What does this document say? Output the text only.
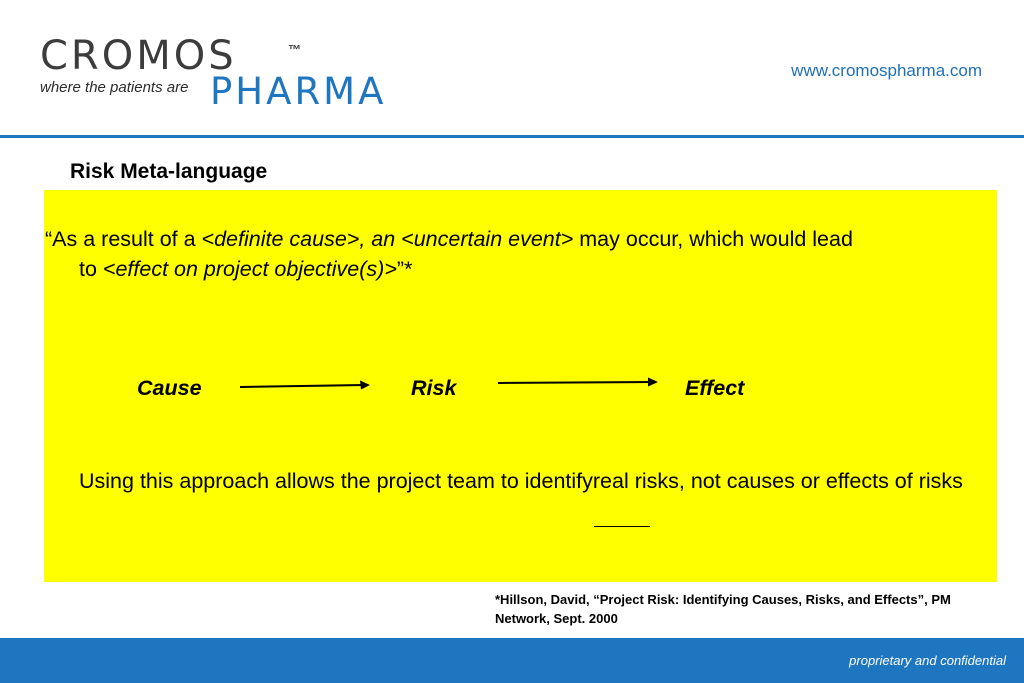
CROMOS	™
where the patients are PHARMA	www.cromospharma.com
Risk Meta-language
“As a result of a <definite cause>, an <uncertain event> may occur, which would lead
to <effect on project objective(s)>”*
Cause	Risk	Effect
Using this approach allows the project team to identifyreal risks, not causes or effects of risks
*Hillson, David, “Project Risk: Identifying Causes, Risks, and Effects”, PM Network, Sept. 2000
proprietary and confidential
